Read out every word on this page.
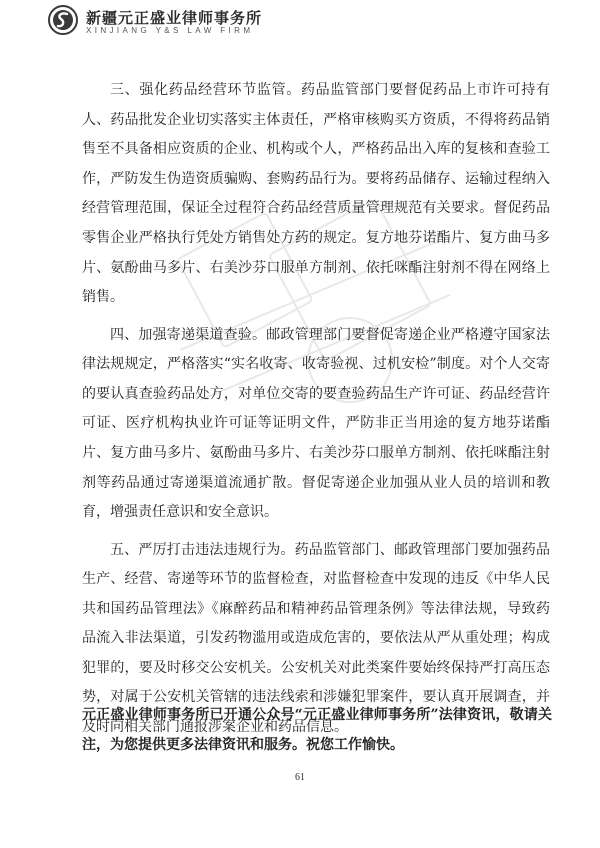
新疆元正盛业律师事务所
XINJIANG Y&S LAW FIRM

三、强化药品经营环节监管。药品监管部门要督促药品上市许可持有人、药品批发企业切实落实主体责任，严格审核购买方资质，不得将药品销售至不具备相应资质的企业、机构或个人，严格药品出入库的复核和查验工作，严防发生伪造资质骗购、套购药品行为。要将药品储存、运输过程纳入经营管理范围，保证全过程符合药品经营质量管理规范有关要求。督促药品零售企业严格执行凭处方销售处方药的规定。复方地芬诺酯片、复方曲马多片、氨酚曲马多片、右美沙芬口服单方制剂、依托咪酯注射剂不得在网络上销售。

四、加强寄递渠道查验。邮政管理部门要督促寄递企业严格遵守国家法律法规规定，严格落实“实名收寄、收寄验视、过机安检”制度。对个人交寄的要认真查验药品处方，对单位交寄的要查验药品生产许可证、药品经营许可证、医疗机构执业许可证等证明文件，严防非正当用途的复方地芬诺酯片、复方曲马多片、氨酚曲马多片、右美沙芬口服单方制剂、依托咪酯注射剂等药品通过寄递渠道流通扩散。督促寄递企业加强从业人员的培训和教育，增强责任意识和安全意识。

五、严厉打击违法违规行为。药品监管部门、邮政管理部门要加强药品生产、经营、寄递等环节的监督检查，对监督检查中发现的违反《中华人民共和国药品管理法》《麻醉药品和精神药品管理条例》等法律法规，导致药品流入非法渠道，引发药物滥用或造成危害的，要依法从严从重处理；构成犯罪的，要及时移交公安机关。公安机关对此类案件要始终保持严打高压态势，对属于公安机关管辖的违法线索和涉嫌犯罪案件，要认真开展调查，并及时向相关部门通报涉案企业和药品信息。

元正盛业律师事务所已开通公众号“元正盛业律师事务所”法律资讯，敬请关注，为您提供更多法律资讯和服务。祝您工作愉快。
61
